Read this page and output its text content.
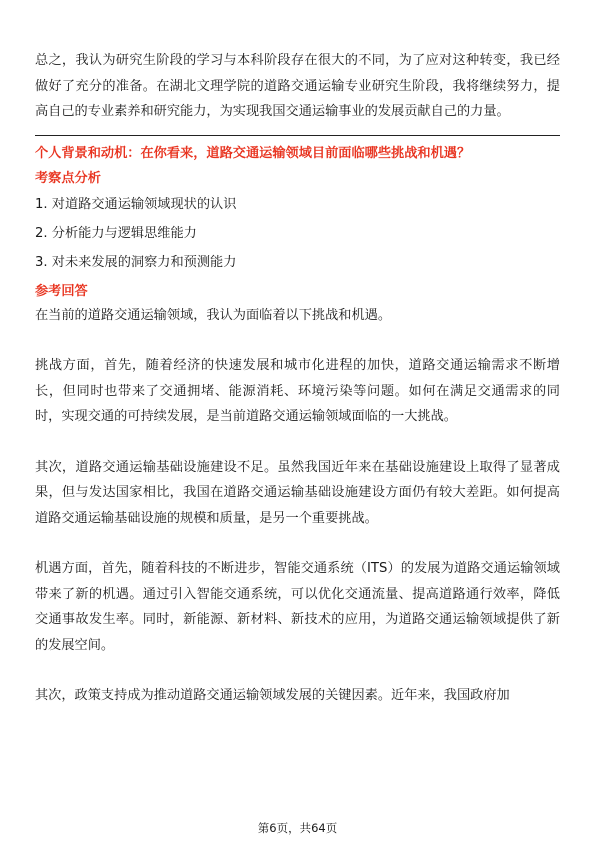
总之，我认为研究生阶段的学习与本科阶段存在很大的不同，为了应对这种转变，我已经做好了充分的准备。在湖北文理学院的道路交通运输专业研究生阶段，我将继续努力，提高自己的专业素养和研究能力，为实现我国交通运输事业的发展贡献自己的力量。

个人背景和动机：在你看来，道路交通运输领域目前面临哪些挑战和机遇？
考察点分析
1. 对道路交通运输领域现状的认识
2. 分析能力与逻辑思维能力
3. 对未来发展的洞察力和预测能力
参考回答

在当前的道路交通运输领域，我认为面临着以下挑战和机遇。

挑战方面，首先，随着经济的快速发展和城市化进程的加快，道路交通运输需求不断增长，但同时也带来了交通拥堵、能源消耗、环境污染等问题。如何在满足交通需求的同时，实现交通的可持续发展，是当前道路交通运输领域面临的一大挑战。

其次，道路交通运输基础设施建设不足。虽然我国近年来在基础设施建设上取得了显著成果，但与发达国家相比，我国在道路交通运输基础设施建设方面仍有较大差距。如何提高道路交通运输基础设施的规模和质量，是另一个重要挑战。

机遇方面，首先，随着科技的不断进步，智能交通系统（ITS）的发展为道路交通运输领域带来了新的机遇。通过引入智能交通系统，可以优化交通流量、提高道路通行效率，降低交通事故发生率。同时，新能源、新材料、新技术的应用，为道路交通运输领域提供了新的发展空间。

其次，政策支持成为推动道路交通运输领域发展的关键因素。近年来，我国政府加

第6页，共64页
